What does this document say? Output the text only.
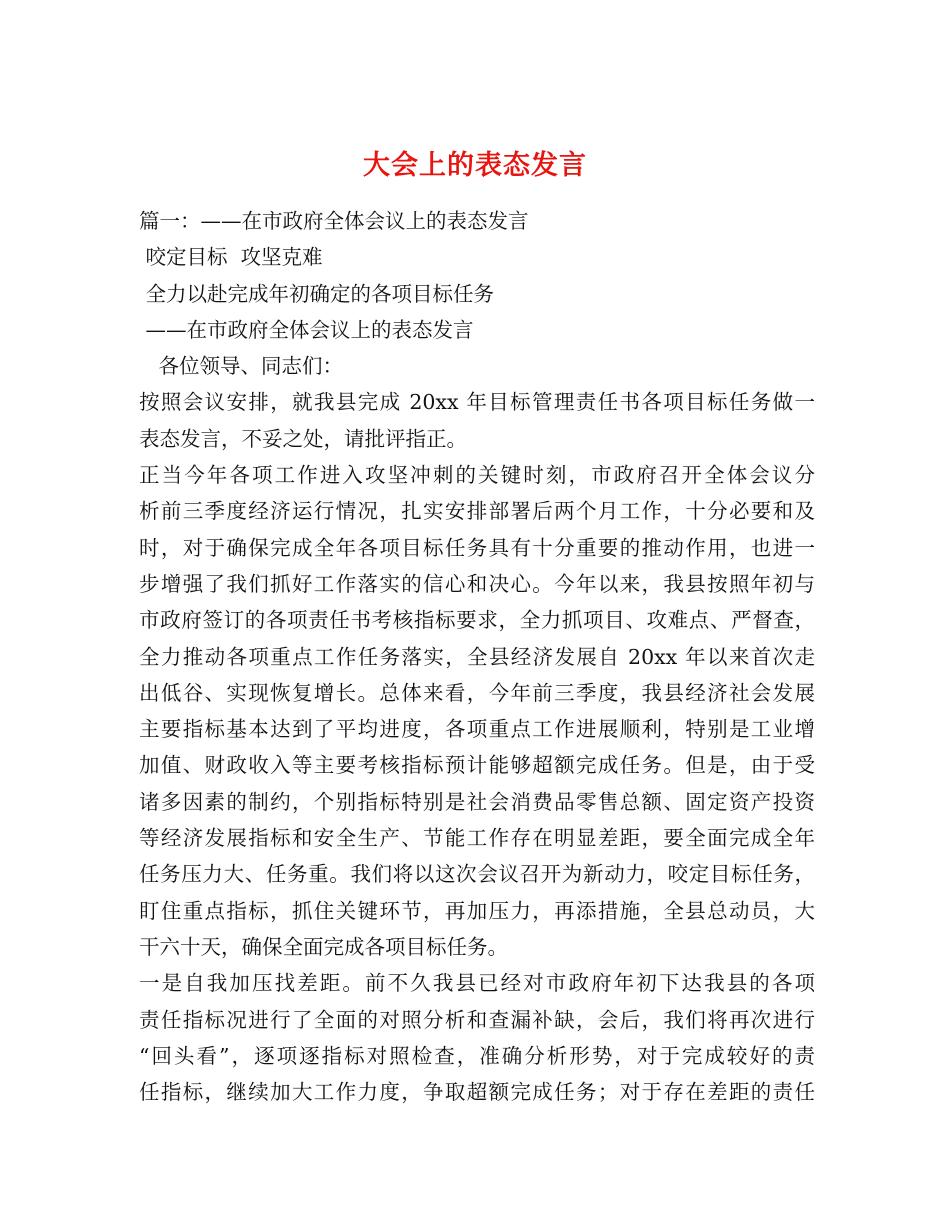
大会上的表态发言
篇一：——在市政府全体会议上的表态发言
咬定目标  攻坚克难
全力以赴完成年初确定的各项目标任务
——在市政府全体会议上的表态发言
各位领导、同志们：
按照会议安排，就我县完成 20xx 年目标管理责任书各项目标任务做一
表态发言，不妥之处，请批评指正。
正当今年各项工作进入攻坚冲刺的关键时刻，市政府召开全体会议分
析前三季度经济运行情况，扎实安排部署后两个月工作，十分必要和及
时，对于确保完成全年各项目标任务具有十分重要的推动作用，也进一
步增强了我们抓好工作落实的信心和决心。今年以来，我县按照年初与
市政府签订的各项责任书考核指标要求，全力抓项目、攻难点、严督查，
全力推动各项重点工作任务落实，全县经济发展自 20xx 年以来首次走
出低谷、实现恢复增长。总体来看，今年前三季度，我县经济社会发展
主要指标基本达到了平均进度，各项重点工作进展顺利，特别是工业增
加值、财政收入等主要考核指标预计能够超额完成任务。但是，由于受
诸多因素的制约，个别指标特别是社会消费品零售总额、固定资产投资
等经济发展指标和安全生产、节能工作存在明显差距，要全面完成全年
任务压力大、任务重。我们将以这次会议召开为新动力，咬定目标任务，
盯住重点指标，抓住关键环节，再加压力，再添措施，全县总动员，大
干六十天，确保全面完成各项目标任务。
一是自我加压找差距。前不久我县已经对市政府年初下达我县的各项
责任指标况进行了全面的对照分析和查漏补缺，会后，我们将再次进行
“回头看”，逐项逐指标对照检查，准确分析形势，对于完成较好的责
任指标，继续加大工作力度，争取超额完成任务；对于存在差距的责任
